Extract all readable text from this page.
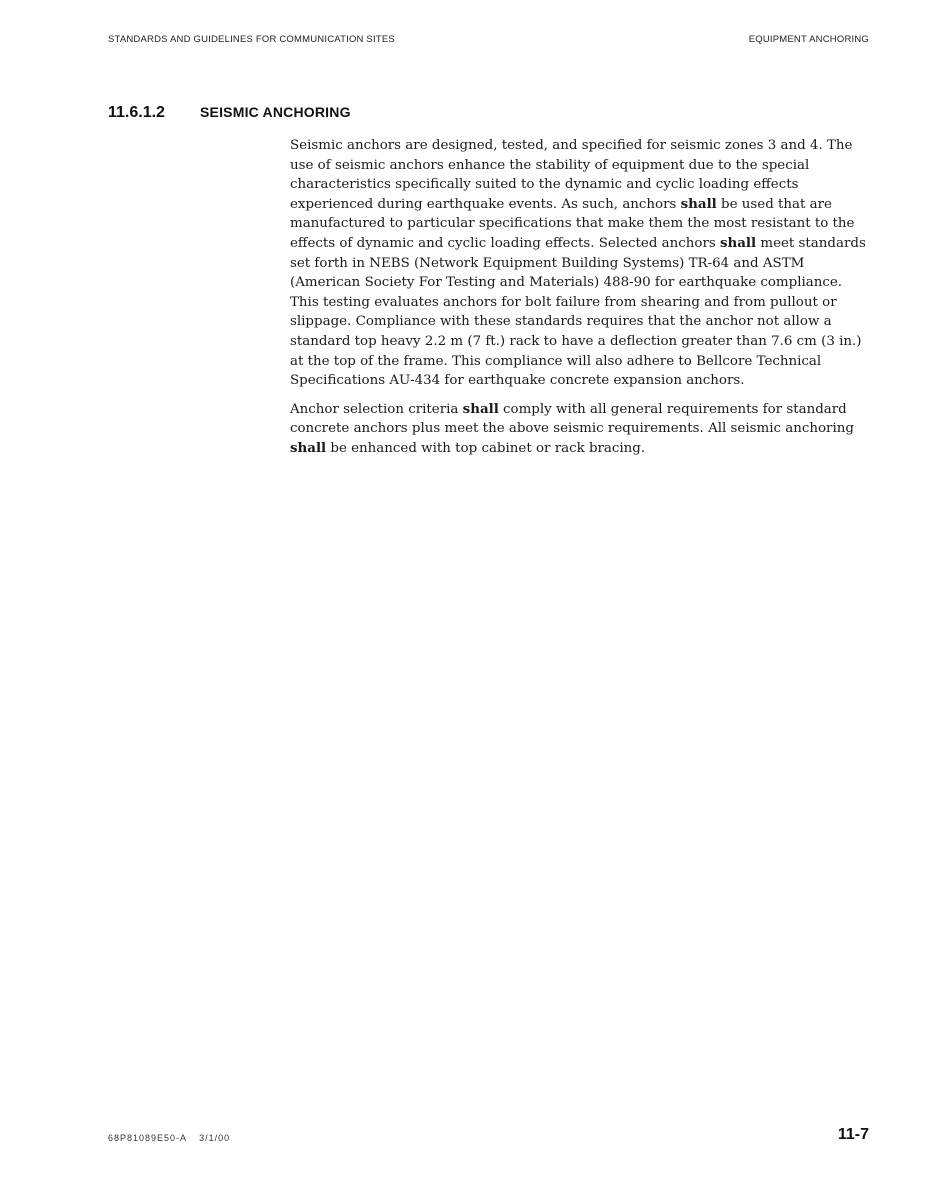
STANDARDS AND GUIDELINES FOR COMMUNICATION SITES	EQUIPMENT ANCHORING
11.6.1.2	SEISMIC ANCHORING

Seismic anchors are designed, tested, and specified for seismic zones 3 and 4. The use of seismic anchors enhance the stability of equipment due to the special characteristics specifically suited to the dynamic and cyclic loading effects experienced during earthquake events. As such, anchors shall be used that are manufactured to particular specifications that make them the most resistant to the effects of dynamic and cyclic loading effects. Selected anchors shall meet standards set forth in NEBS (Network Equipment Building Systems) TR-64 and ASTM (American Society For Testing and Materials) 488-90 for earthquake compliance. This testing evaluates anchors for bolt failure from shearing and from pullout or slippage. Compliance with these standards requires that the anchor not allow a standard top heavy 2.2 m (7 ft.) rack to have a deflection greater than 7.6 cm (3 in.) at the top of the frame. This compliance will also adhere to Bellcore Technical Specifications AU-434 for earthquake concrete expansion anchors.

Anchor selection criteria shall comply with all general requirements for standard concrete anchors plus meet the above seismic requirements. All seismic anchoring shall be enhanced with top cabinet or rack bracing.

68P81089E50-A 3/1/00	11-7
